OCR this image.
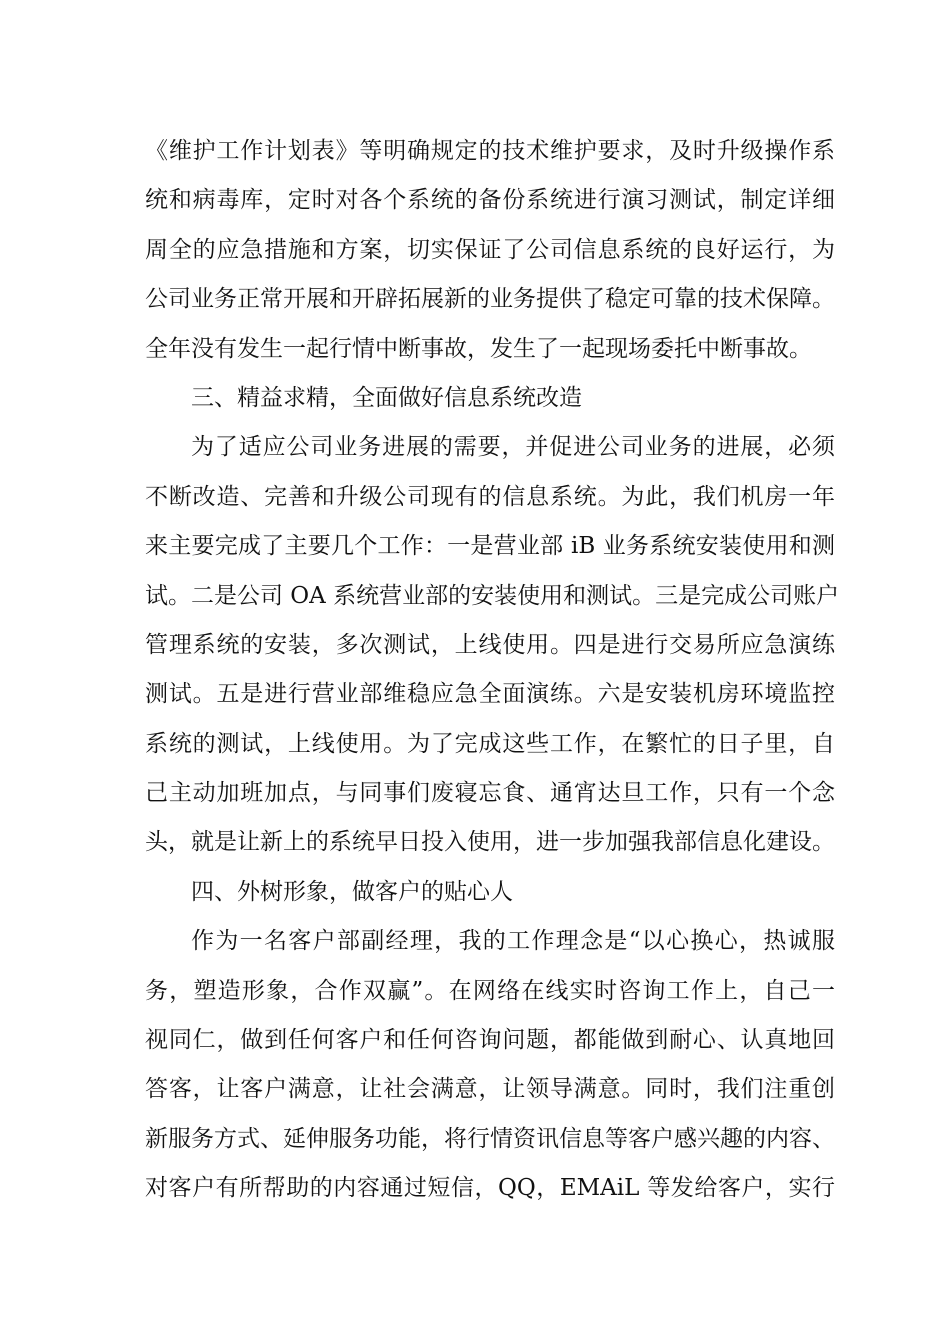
《维护工作计划表》等明确规定的技术维护要求，及时升级操作系
统和病毒库，定时对各个系统的备份系统进行演习测试，制定详细
周全的应急措施和方案，切实保证了公司信息系统的良好运行，为
公司业务正常开展和开辟拓展新的业务提供了稳定可靠的技术保障。
全年没有发生一起行情中断事故，发生了一起现场委托中断事故。
三、精益求精，全面做好信息系统改造
为了适应公司业务进展的需要，并促进公司业务的进展，必须
不断改造、完善和升级公司现有的信息系统。为此，我们机房一年
来主要完成了主要几个工作：一是营业部 iB 业务系统安装使用和测
试。二是公司 OA 系统营业部的安装使用和测试。三是完成公司账户
管理系统的安装，多次测试，上线使用。四是进行交易所应急演练
测试。五是进行营业部维稳应急全面演练。六是安装机房环境监控
系统的测试，上线使用。为了完成这些工作，在繁忙的日子里，自
己主动加班加点，与同事们废寝忘食、通宵达旦工作，只有一个念
头，就是让新上的系统早日投入使用，进一步加强我部信息化建设。
四、外树形象，做客户的贴心人
作为一名客户部副经理，我的工作理念是“以心换心，热诚服
务，塑造形象，合作双赢”。在网络在线实时咨询工作上，自己一
视同仁，做到任何客户和任何咨询问题，都能做到耐心、认真地回
答客，让客户满意，让社会满意，让领导满意。同时，我们注重创
新服务方式、延伸服务功能，将行情资讯信息等客户感兴趣的内容、
对客户有所帮助的内容通过短信，QQ，EMAiL 等发给客户，实行
